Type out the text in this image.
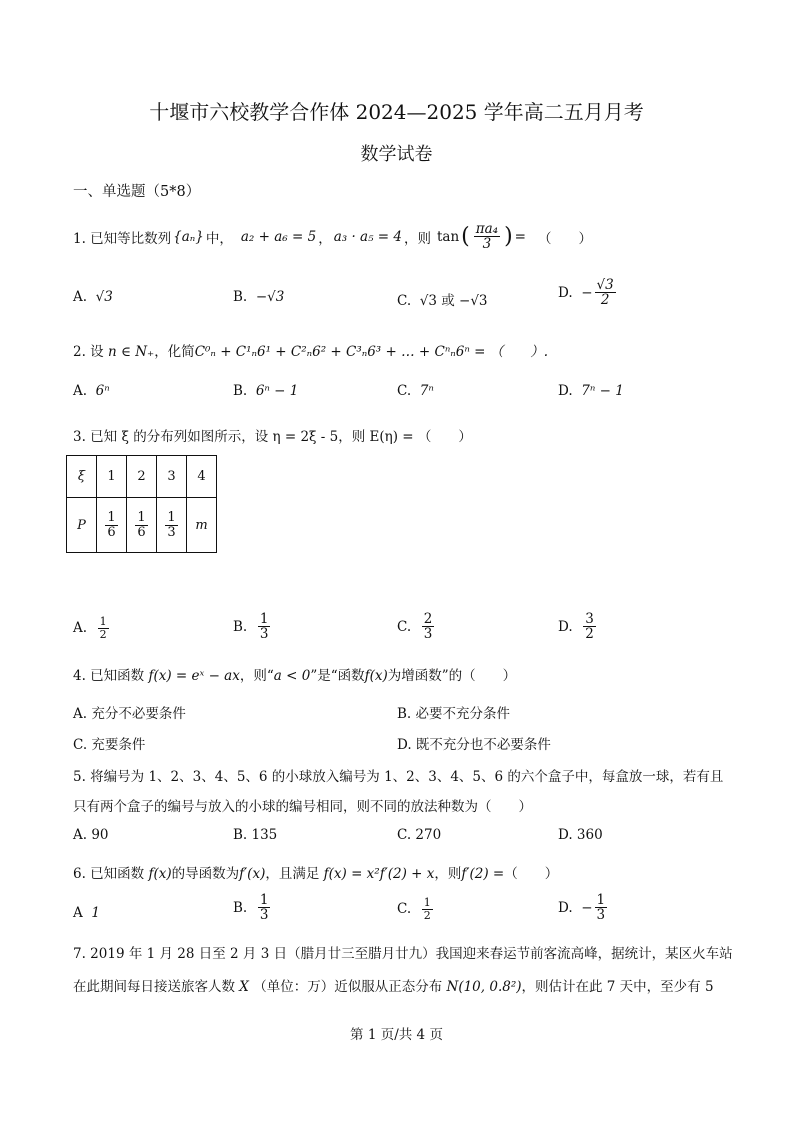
十堰市六校教学合作体 2024—2025 学年高二五月月考
数学试卷
一、单选题（5*8）
1. 已知等比数列 {aₙ} 中， a₂ + a₆ = 5 ， a₃ · a₅ = 4 ，则 tan ( $\frac{\text{πa₄}}{3}$ ) = （　　）
A. √3	B. −√3	C. √3 或 −√3
D.
− $\frac{√3}{2}$
2. 设 n ∈ N₊，化简C⁰ₙ + C¹ₙ6¹ + C²ₙ6² + C³ₙ6³ + … + Cⁿₙ6ⁿ = （　　）.
A. 6ⁿ	B. 6ⁿ − 1	C. 7ⁿ	D. 7ⁿ − 1
3. 已知 ξ 的分布列如图所示，设 η = 2ξ - 5，则 E(η) = （　　）
ξ	1	2	3	4
P	$\frac{1}{6}$	$\frac{1}{6}$	$\frac{1}{3}$	m
A.
$\frac{1}{2}$	B.
$\frac{1}{3}$	C.
$\frac{2}{3}$	D.
$\frac{3}{2}$
4. 已知函数 f(x) = eˣ − ax，则“a < 0”是“函数f(x)为增函数”的（　　）
A. 充分不必要条件	B. 必要不充分条件
C. 充要条件	D. 既不充分也不必要条件
5. 将编号为 1、2、3、4、5、6 的小球放入编号为 1、2、3、4、5、6 的六个盒子中，每盒放一球，若有且
只有两个盒子的编号与放入的小球的编号相同，则不同的放法种数为（　　）
A. 90	B. 135	C. 270	D. 360
6. 已知函数 f(x)的导函数为f′(x)，且满足 f(x) = x²f′(2) + x，则f′(2) =（　　）
A 1	B.
$\frac{1}{3}$	C.
$\frac{1}{2}$	D.
− $\frac{1}{3}$
7. 2019 年 1 月 28 日至 2 月 3 日（腊月廿三至腊月廿九）我国迎来春运节前客流高峰，据统计，某区火车站
在此期间每日接送旅客人数 X （单位：万）近似服从正态分布 N(10, 0.8²)，则估计在此 7 天中，至少有 5
第 1 页/共 4 页
